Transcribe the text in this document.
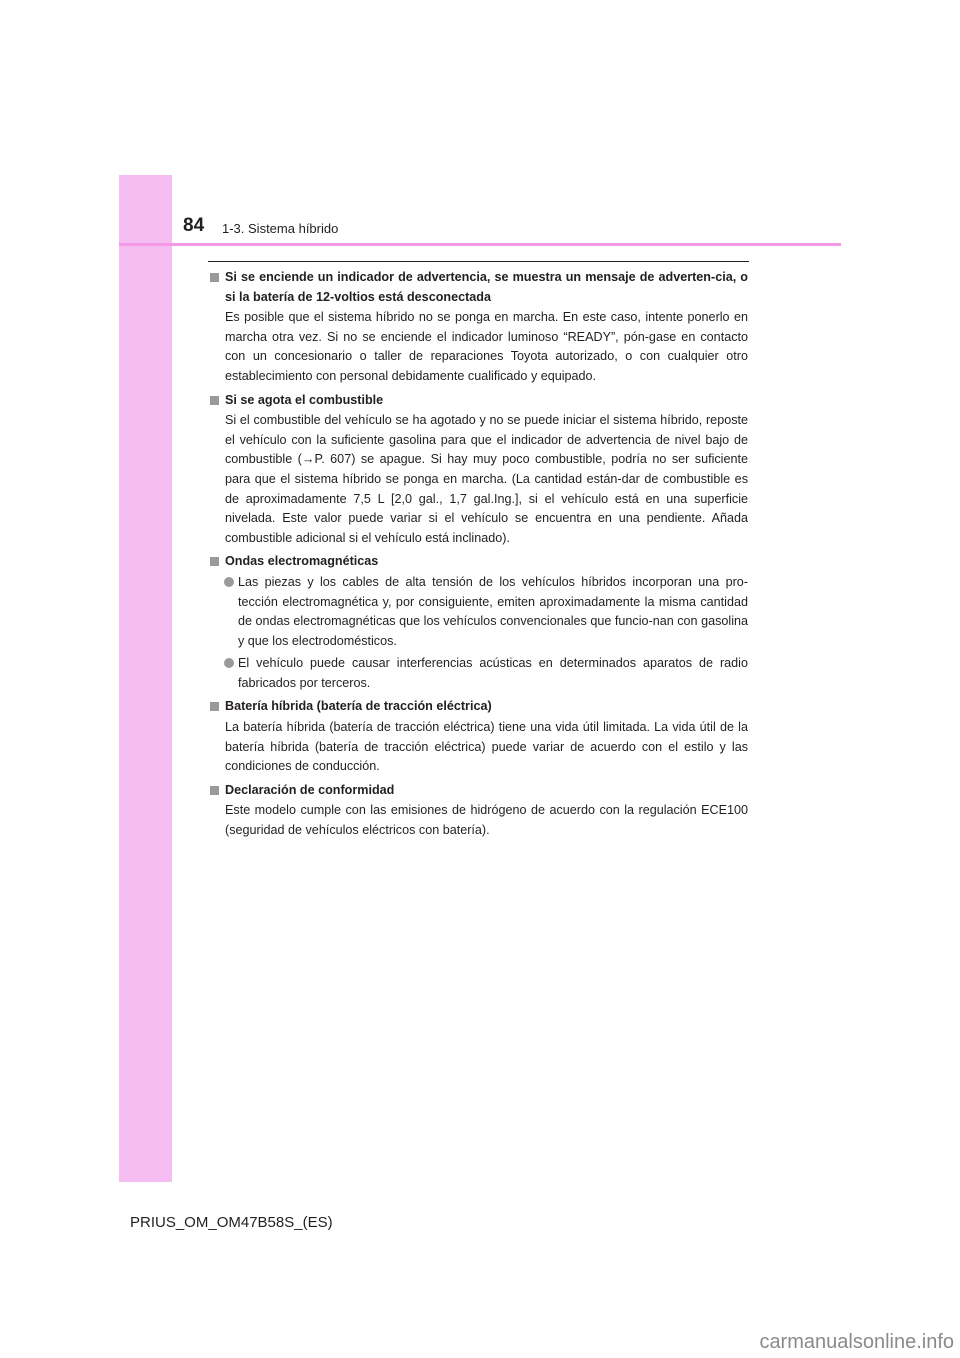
84 1-3. Sistema híbrido
Si se enciende un indicador de advertencia, se muestra un mensaje de adverten-cia, o si la batería de 12-voltios está desconectada
Es posible que el sistema híbrido no se ponga en marcha. En este caso, intente ponerlo en marcha otra vez. Si no se enciende el indicador luminoso “READY”, pón-gase en contacto con un concesionario o taller de reparaciones Toyota autorizado, o con cualquier otro establecimiento con personal debidamente cualificado y equipado.
Si se agota el combustible
Si el combustible del vehículo se ha agotado y no se puede iniciar el sistema híbrido, reposte el vehículo con la suficiente gasolina para que el indicador de advertencia de nivel bajo de combustible (→P. 607) se apague. Si hay muy poco combustible, podría no ser suficiente para que el sistema híbrido se ponga en marcha. (La cantidad están-dar de combustible es de aproximadamente 7,5 L [2,0 gal., 1,7 gal.Ing.], si el vehículo está en una superficie nivelada. Este valor puede variar si el vehículo se encuentra en una pendiente. Añada combustible adicional si el vehículo está inclinado).
Ondas electromagnéticas
Las piezas y los cables de alta tensión de los vehículos híbridos incorporan una pro-tección electromagnética y, por consiguiente, emiten aproximadamente la misma cantidad de ondas electromagnéticas que los vehículos convencionales que funcio-nan con gasolina y que los electrodomésticos.
El vehículo puede causar interferencias acústicas en determinados aparatos de radio fabricados por terceros.
Batería híbrida (batería de tracción eléctrica)
La batería híbrida (batería de tracción eléctrica) tiene una vida útil limitada. La vida útil de la batería híbrida (batería de tracción eléctrica) puede variar de acuerdo con el estilo y las condiciones de conducción.
Declaración de conformidad
Este modelo cumple con las emisiones de hidrógeno de acuerdo con la regulación ECE100 (seguridad de vehículos eléctricos con batería).
PRIUS_OM_OM47B58S_(ES)
carmanualsonline.info
